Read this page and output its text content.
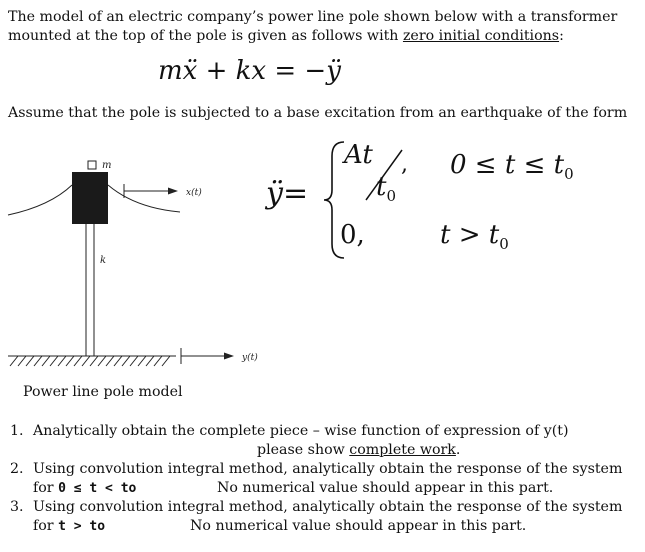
The model of an electric company’s power line pole shown below with a transformer
mounted at the top of the pole is given as follows with zero initial conditions:
mẍ + kx = −ÿ
Assume that the pole is subjected to a base excitation from an earthquake of the form
m
x(t)
k
y(t)
Power line pole model
ÿ=
At
$t_0$
, $0 \le t \le t_0$
0,	$t > t_0$
1. Analytically obtain the complete piece – wise function of expression of y(t)
please show complete work.
2. Using convolution integral method, analytically obtain the response of the system
for 0 ≤ t < to	No numerical value should appear in this part.
3. Using convolution integral method, analytically obtain the response of the system
for t > to	No numerical value should appear in this part.
